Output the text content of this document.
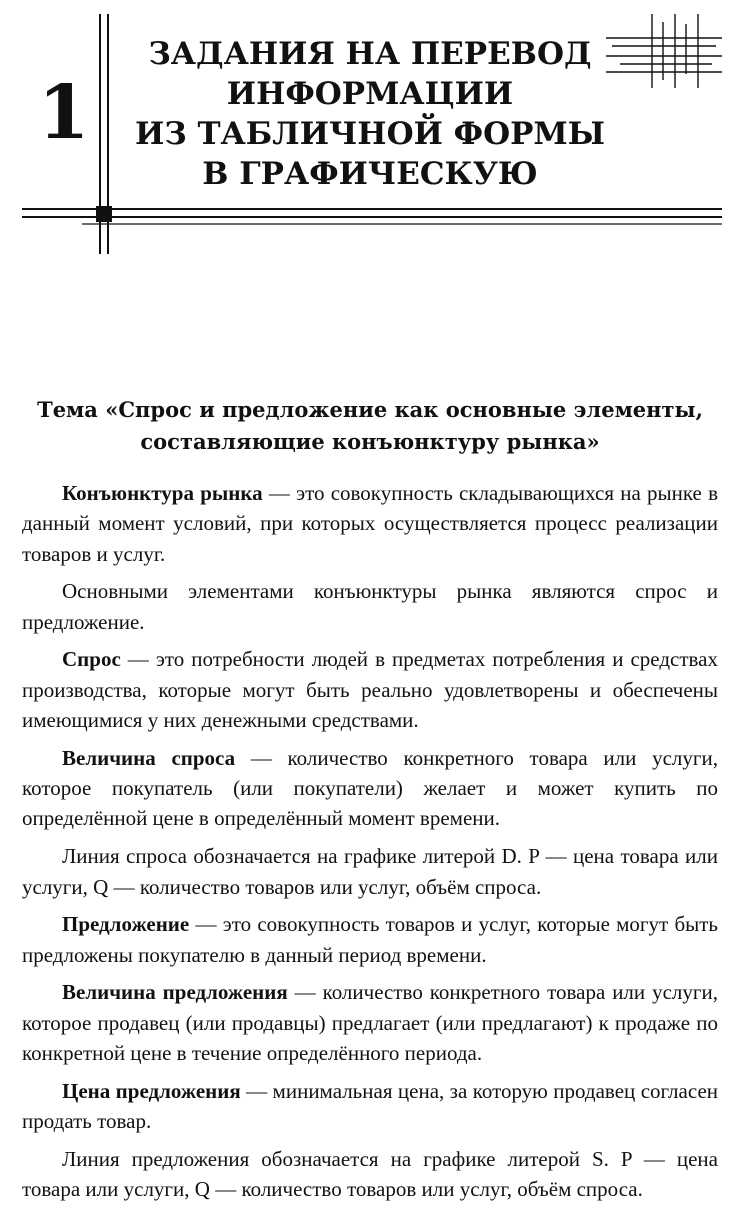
1
ЗАДАНИЯ НА ПЕРЕВОД
ИНФОРМАЦИИ
ИЗ ТАБЛИЧНОЙ ФОРМЫ
В ГРАФИЧЕСКУЮ
Тема «Спрос и предложение как основные элементы,
составляющие конъюнктуру рынка»

Конъюнктура рынка — это совокупность складывающихся на рынке в данный момент условий, при которых осуществляется процесс реализации товаров и услуг.

Основными элементами конъюнктуры рынка являются спрос и предложение.

Спрос — это потребности людей в предметах потребления и средствах производства, которые могут быть реально удовлетворены и обеспечены имеющимися у них денежными средствами.

Величина спроса — количество конкретного товара или услуги, которое покупатель (или покупатели) желает и может купить по определённой цене в определённый момент времени.

Линия спроса обозначается на графике литерой D. P — цена товара или услуги, Q — количество товаров или услуг, объём спроса.

Предложение — это совокупность товаров и услуг, которые могут быть предложены покупателю в данный период времени.

Величина предложения — количество конкретного товара или услуги, которое продавец (или продавцы) предлагает (или предлагают) к продаже по конкретной цене в течение определённого периода.

Цена предложения — минимальная цена, за которую продавец согласен продать товар.

Линия предложения обозначается на графике литерой S. P — цена товара или услуги, Q — количество товаров или услуг, объём спроса.
